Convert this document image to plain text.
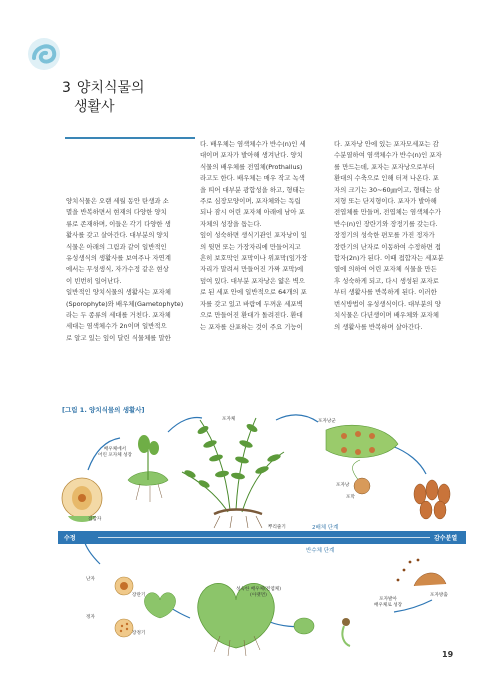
3 양치식물의
생활사
양치식물은 오랜 세월 동안 탄생과 소
멸을 반복하면서 현재의 다양한 양치
류로 존재하며, 이들은 각기 다양한 생
활사를 갖고 살아간다. 대부분의 양치
식물은 아래의 그림과 같이 일반적인
유성생식의 생활사를 보여주나 자연계
에서는 무성생식, 자가수정 같은 현상
이 빈번히 일어난다.
일반적인 양치식물의 생활사는 포자체
(Sporophyte)와 배우체(Gametophyte)
라는 두 종류의 세대를 거친다. 포자체
세대는 염색체수가 2n이며 일반적으
로 알고 있는 잎이 달린 식물체를 말한
다. 배우체는 염색체수가 반수(n)인 세
대이며 포자가 발아해 생겨난다. 양치
식물의 배우체를 전엽체(Prothallus)
라고도 한다. 배우체는 매우 작고 녹색
을 띠어 대부분 광합성을 하고, 형태는
주로 심장모양이며, 포자체와는 독립
되나 잠시 어린 포자체 아래에 남아 포
자체의 성장을 돕는다.
잎이 성숙하면 생식기관인 포자낭이 잎
의 뒷면 또는 가장자리에 만들어지고
흔히 보호막인 포막이나 위포막(잎가장
자리가 말려서 만들어진 가짜 포막)에
덮여 있다. 대부분 포자낭은 얇은 벽으
로 된 세포 안에 일반적으로 64개의 포
자를 갖고 있고 바람에 두꺼운 세포벽
으로 만들어진 환대가 돌려진다. 환대
는 포자를 산포하는 것이 주요 기능이
다. 포자낭 안에 있는 포자모세포는 감
수분열하여 염색체수가 반수(n)인 포자
를 만드는데, 포자는 포자낭으로부터
환대의 수축으로 인해 터져 나온다. 포
자의 크기는 30~60㎛이고, 형태는 삼
지형 또는 단지형이다. 포자가 발아해
전엽체를 만들며, 전엽체는 염색체수가
반수(n)인 장란기와 장정기를 갖는다.
장정기의 성숙한 편모를 가진 정자가
장란기의 난자로 이동하여 수정하면 접
합자(2n)가 된다. 이때 접합자는 세포분
열에 의하여 어린 포자체 식물을 만든
후 성숙하게 되고, 다시 생성된 포자로
부터 생활사를 반복하게 된다. 이러한
번식방법이 유성생식이다. 대부분의 양
치식물은 다년생이며 배우체와 포자체
의 생활사를 반복하며 살아간다.
[그림 1. 양치식물의 생활사]
배우체에서
어린 포자체 성장
접합자
포자체
뿌리줄기
포자낭군
포자낭
포막
수정	감수분열
2배체 단계
반수체 단계
난자
장란기
정자
장정기
성숙한 배우체(전엽체)
(아랫면)
포자발아
배우체로 성장
포자방출
19
